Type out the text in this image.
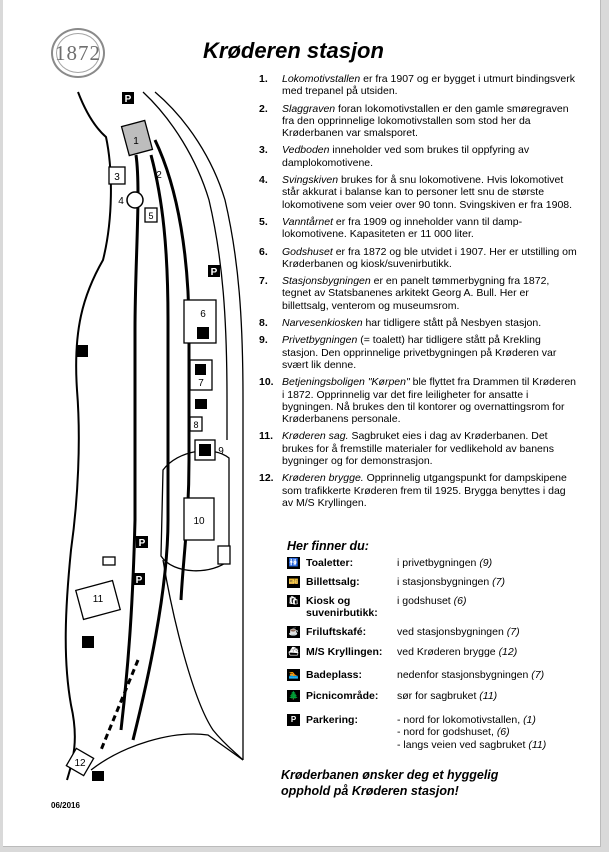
1
2
3
4
5
6
7
8
9
10
11
12
P
P
P
P
1872	Krøderen stasjon
1. Lokomotivstallen er fra 1907 og er bygget i utmurt bindingsverk med trepanel på utsiden.
2. Slaggraven foran lokomotivstallen er den gamle smøregraven fra den opprinnelige lokomotivstallen som stod her da Krøderbanen var smalsporet.
3. Vedboden inneholder ved som brukes til oppfyring av damplokomotivene.
4. Svingskiven brukes for å snu lokomotivene. Hvis lokomotivet står akkurat i balanse kan to personer lett snu de største lokomotivene som veier over 90 tonn. Svingskiven er fra 1908.
5. Vanntårnet er fra 1909 og inneholder vann til damp-lokomotivene. Kapasiteten er 11 000 liter.
6. Godshuset er fra 1872 og ble utvidet i 1907. Her er utstilling om Krøderbanen og kiosk/suvenirbutikk.
7. Stasjonsbygningen er en panelt tømmerbygning fra 1872, tegnet av Statsbanenes arkitekt Georg A. Bull. Her er billettsalg, venterom og museumsrom.
8. Narvesenkiosken har tidligere stått på Nesbyen stasjon.
9. Privetbygningen (= toalett) har tidligere stått på Krekling stasjon. Den opprinnelige privetbygningen på Krøderen var svært lik denne.
10. Betjeningsboligen "Kørpen" ble flyttet fra Drammen til Krøderen i 1872. Opprinnelig var det fire leiligheter for ansatte i bygningen. Nå brukes den til kontorer og overnattingsrom for Krøderbanens personale.
11. Krøderen sag. Sagbruket eies i dag av Krøderbanen. Det brukes for å fremstille materialer for vedlikehold av banens bygninger og for demonstrasjon.
12. Krøderen brygge. Opprinnelig utgangspunkt for dampskipene som trafikkerte Krøderen frem til 1925. Brygga benyttes i dag av M/S Kryllingen.
Her finner du:
🚻 Toaletter:	i privetbygningen (9)
🎫 Billettsalg:	i stasjonsbygningen (7)
🛍 Kiosk og suvenirbutikk:
i godshuset (6)
☕ Friluftskafé:	ved stasjonsbygningen (7)
⛴ M/S Kryllingen:	ved Krøderen brygge (12)
🏊 Badeplass:	nedenfor stasjonsbygningen (7)
🌲 Picnicområde:	sør for sagbruket (11)
P Parkering:	- nord for lokomotivstallen, (1)
- nord for godshuset, (6)
- langs veien ved sagbruket (11)
Krøderbanen ønsker deg et hyggelig
opphold på Krøderen stasjon!
06/2016
